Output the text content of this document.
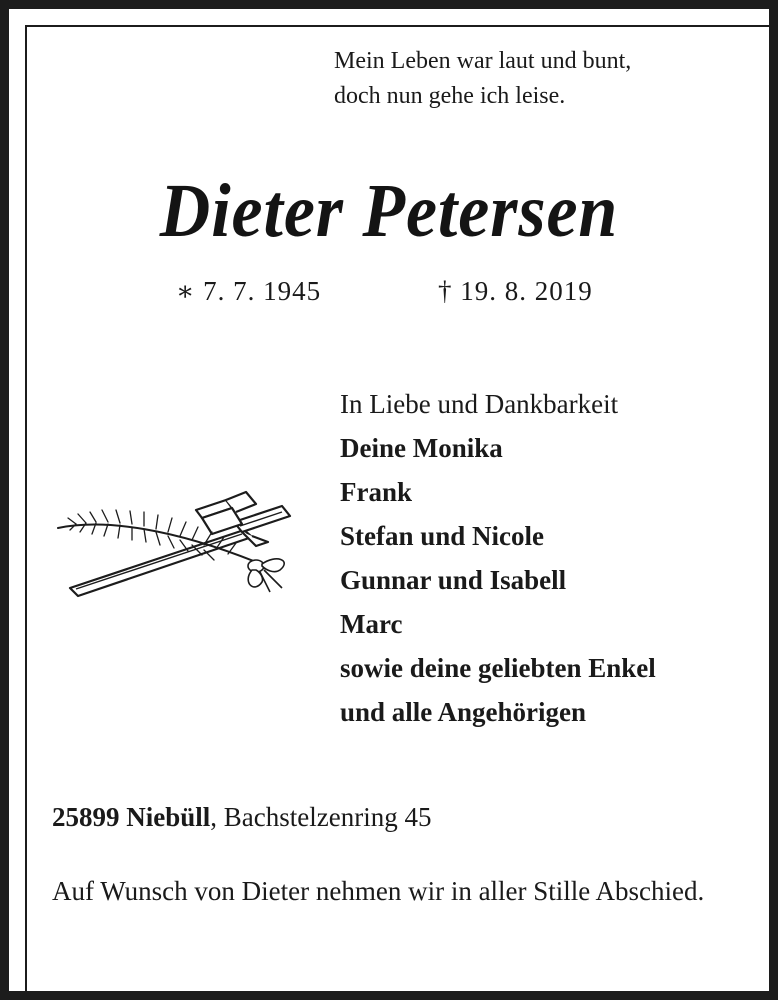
Mein Leben war laut und bunt,
doch nun gehe ich leise.

Dieter Petersen
∗ 7. 7. 1945	† 19. 8. 2019

In Liebe und Dankbarkeit
Deine Monika
Frank
Stefan und Nicole
Gunnar und Isabell
Marc
sowie deine geliebten Enkel
und alle Angehörigen

25899 Niebüll, Bachstelzenring 45

Auf Wunsch von Dieter nehmen wir in aller Stille Abschied.
